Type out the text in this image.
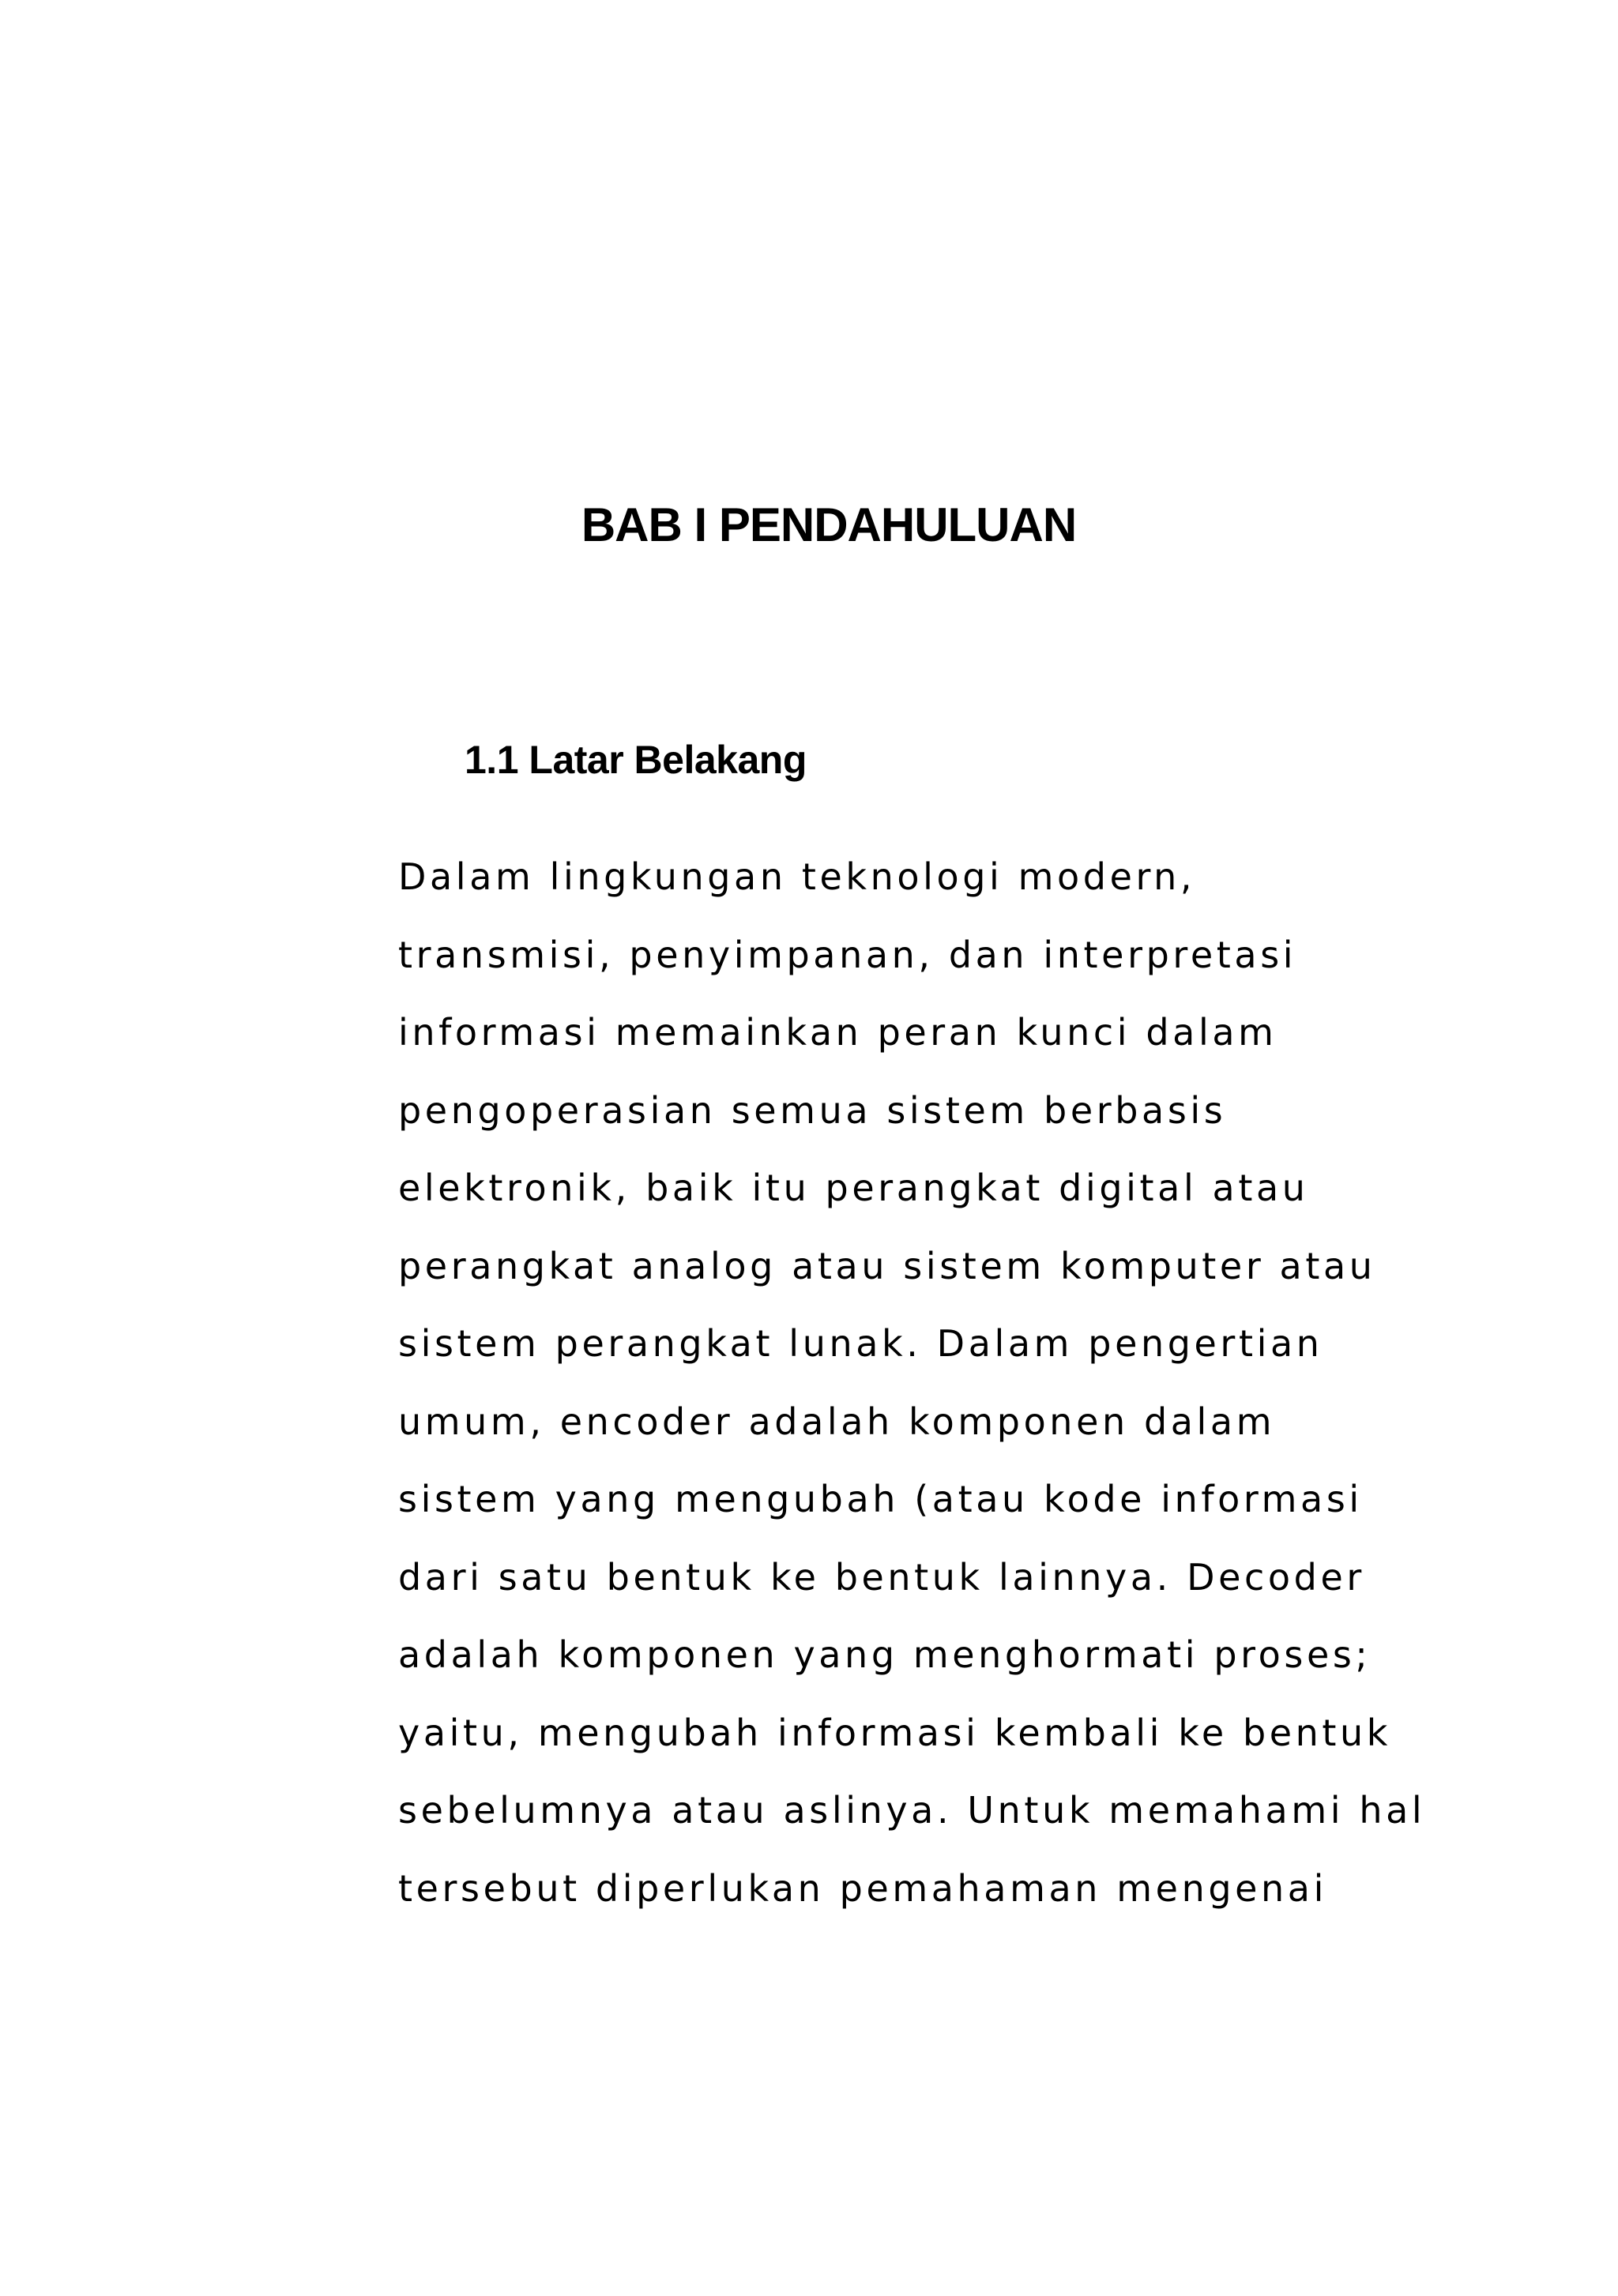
BAB I PENDAHULUAN
1.1 Latar Belakang
Dalam lingkungan teknologi modern,
transmisi, penyimpanan, dan interpretasi
informasi memainkan peran kunci dalam
pengoperasian semua sistem berbasis
elektronik, baik itu perangkat digital atau
perangkat analog atau sistem komputer atau
sistem perangkat lunak. Dalam pengertian
umum, encoder adalah komponen dalam
sistem yang mengubah (atau kode informasi
dari satu bentuk ke bentuk lainnya. Decoder
adalah komponen yang menghormati proses;
yaitu, mengubah informasi kembali ke bentuk
sebelumnya atau aslinya. Untuk memahami hal
tersebut diperlukan pemahaman mengenai
